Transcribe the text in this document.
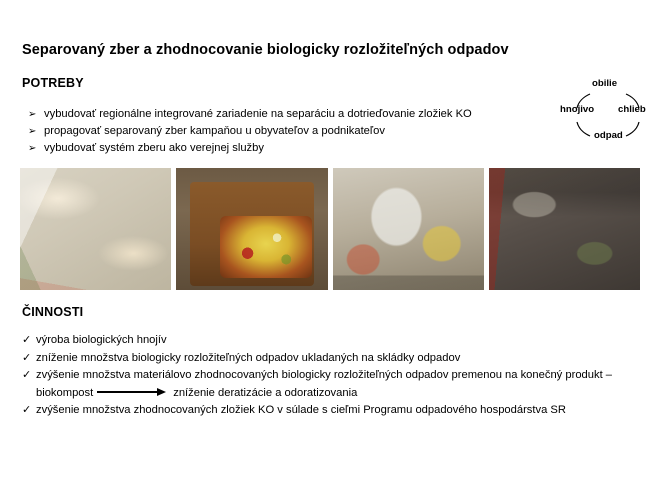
Separovaný zber a zhodnocovanie biologicky rozložiteľných odpadov
POTREBY
➢ vybudovať regionálne integrované zariadenie na separáciu a dotrieďovanie zložiek KO
➢ propagovať separovaný zber kampaňou u obyvateľov a podnikateľov
➢ vybudovať systém zberu ako verejnej služby
obilie
chlieb
odpad
hnojivo
ČINNOSTI
✓ výroba biologických hnojív
✓ zníženie množstva biologicky rozložiteľných odpadov ukladaných na skládky odpadov
✓ zvýšenie množstva materiálovo zhodnocovaných biologicky rozložiteľných odpadov premenou na konečný produkt – biokompost	zníženie deratizácie a odoratizovania
✓ zvýšenie množstva zhodnocovaných zložiek KO v súlade s cieľmi Programu odpadového hospodárstva SR
